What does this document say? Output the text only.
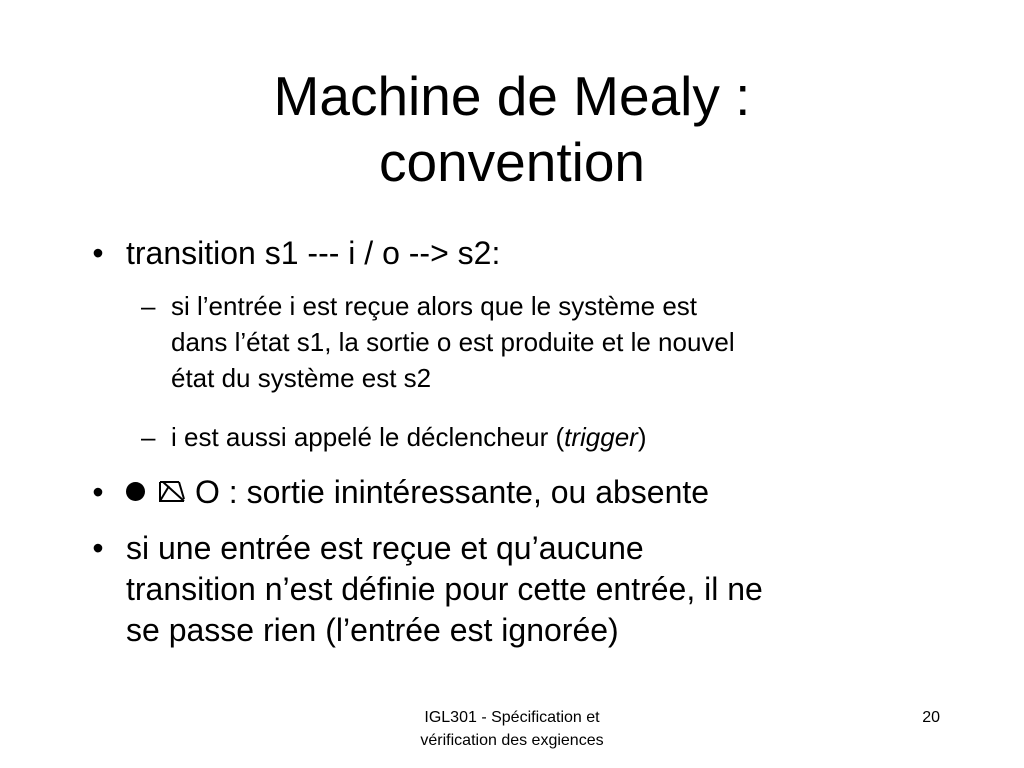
Machine de Mealy :
convention
• transition s1 --- i / o --> s2:
– si l’entrée i est reçue alors que le système est
dans l’état s1, la sortie o est produite et le nouvel
état du système est s2
– i est aussi appelé le déclencheur (trigger)
•	O : sortie inintéressante, ou absente
• si une entrée est reçue et qu’aucune
transition n’est définie pour cette entrée, il ne
se passe rien (l’entrée est ignorée)
IGL301 - Spécification et
vérification des exgiences
20
